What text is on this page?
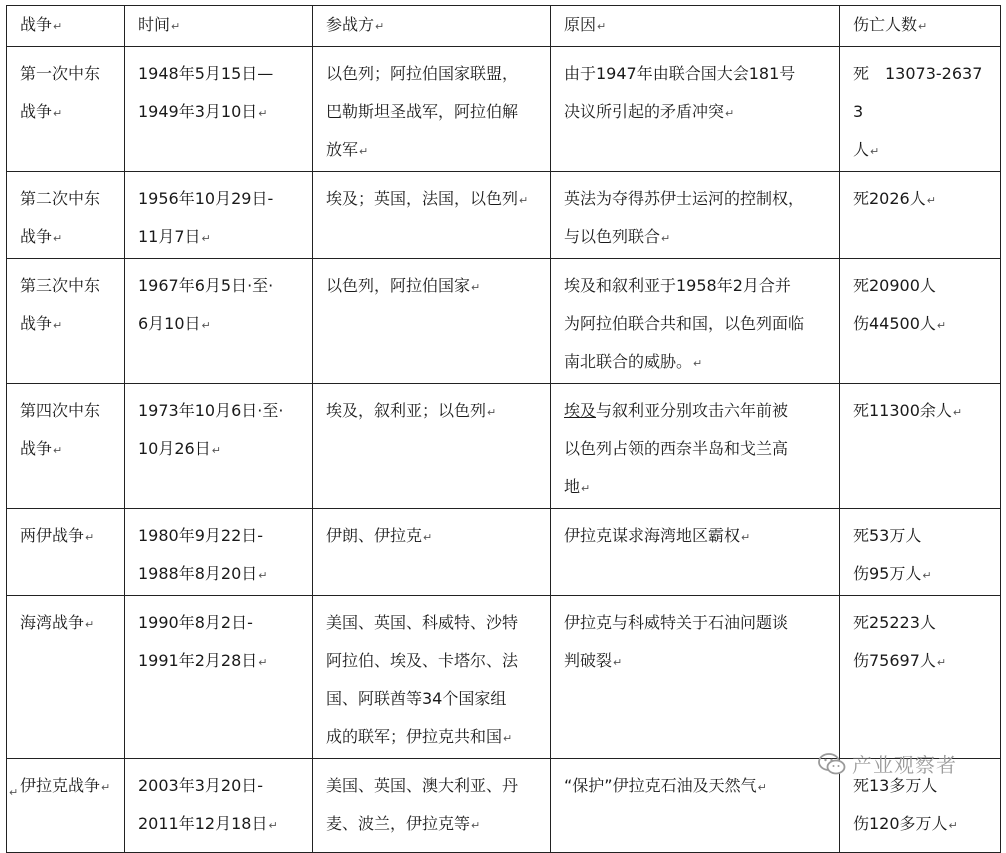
战争↵	时间↵	参战方↵	原因↵	伤亡人数↵

第一次中东
战争↵	1948年5月15日—
1949年3月10日↵	以色列；阿拉伯国家联盟，
巴勒斯坦圣战军，阿拉伯解
放军↵	由于1947年由联合国大会181号
决议所引起的矛盾冲突↵	死　13073-26373
人↵

第二次中东
战争↵	1956年10月29日-
11月7日↵	埃及；英国，法国，以色列↵	英法为夺得苏伊士运河的控制权，
与以色列联合↵	死2026人↵

第三次中东
战争↵	1967年6月5日·至·
6月10日↵	以色列，阿拉伯国家↵	埃及和叙利亚于1958年2月合并
为阿拉伯联合共和国，以色列面临
南北联合的威胁。↵	死20900人
伤44500人↵

第四次中东
战争↵	1973年10月6日·至·
10月26日↵	埃及，叙利亚；以色列↵	埃及与叙利亚分别攻击六年前被
以色列占领的西奈半岛和戈兰高
地↵	死11300余人↵

两伊战争↵	1980年9月22日-
1988年8月20日↵	伊朗、伊拉克↵	伊拉克谋求海湾地区霸权↵	死53万人
伤95万人↵

海湾战争↵	1990年8月2日-
1991年2月28日↵	美国、英国、科威特、沙特
阿拉伯、埃及、卡塔尔、法
国、阿联酋等34个国家组
成的联军；伊拉克共和国↵	伊拉克与科威特关于石油问题谈
判破裂↵	死25223人
伤75697人↵

伊拉克战争↵	2003年3月20日-
2011年12月18日↵	美国、英国、澳大利亚、丹
麦、波兰，伊拉克等↵	“保护”伊拉克石油及天然气↵	死13多万人
伤120多万人↵
产业观察者
↵
